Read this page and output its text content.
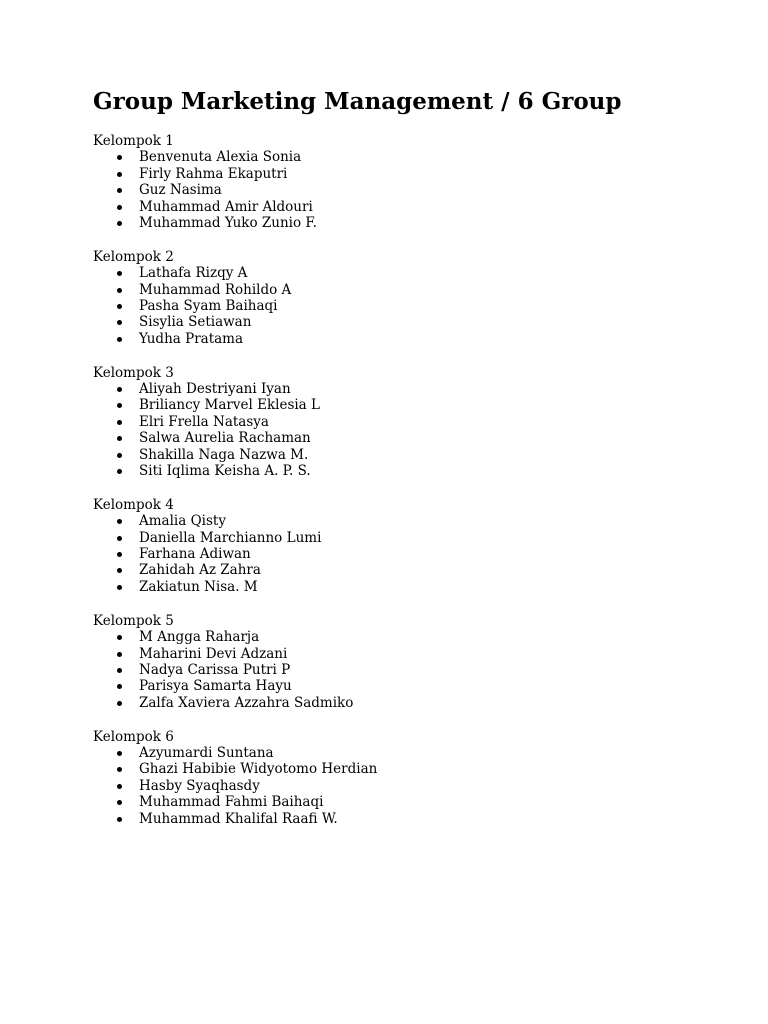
Group Marketing Management / 6 Group
Kelompok 1
Benvenuta Alexia Sonia
Firly Rahma Ekaputri
Guz Nasima
Muhammad Amir Aldouri
Muhammad Yuko Zunio F.
Kelompok 2
Lathafa Rizqy A
Muhammad Rohildo A
Pasha Syam Baihaqi
Sisylia Setiawan
Yudha Pratama
Kelompok 3
Aliyah Destriyani Iyan
Briliancy Marvel Eklesia L
Elri Frella Natasya
Salwa Aurelia Rachaman
Shakilla Naga Nazwa M.
Siti Iqlima Keisha A. P. S.
Kelompok 4
Amalia Qisty
Daniella Marchianno Lumi
Farhana Adiwan
Zahidah Az Zahra
Zakiatun Nisa. M
Kelompok 5
M Angga Raharja
Maharini Devi Adzani
Nadya Carissa Putri P
Parisya Samarta Hayu
Zalfa Xaviera Azzahra Sadmiko
Kelompok 6
Azyumardi Suntana
Ghazi Habibie Widyotomo Herdian
Hasby Syaqhasdy
Muhammad Fahmi Baihaqi
Muhammad Khalifal Raafi W.
